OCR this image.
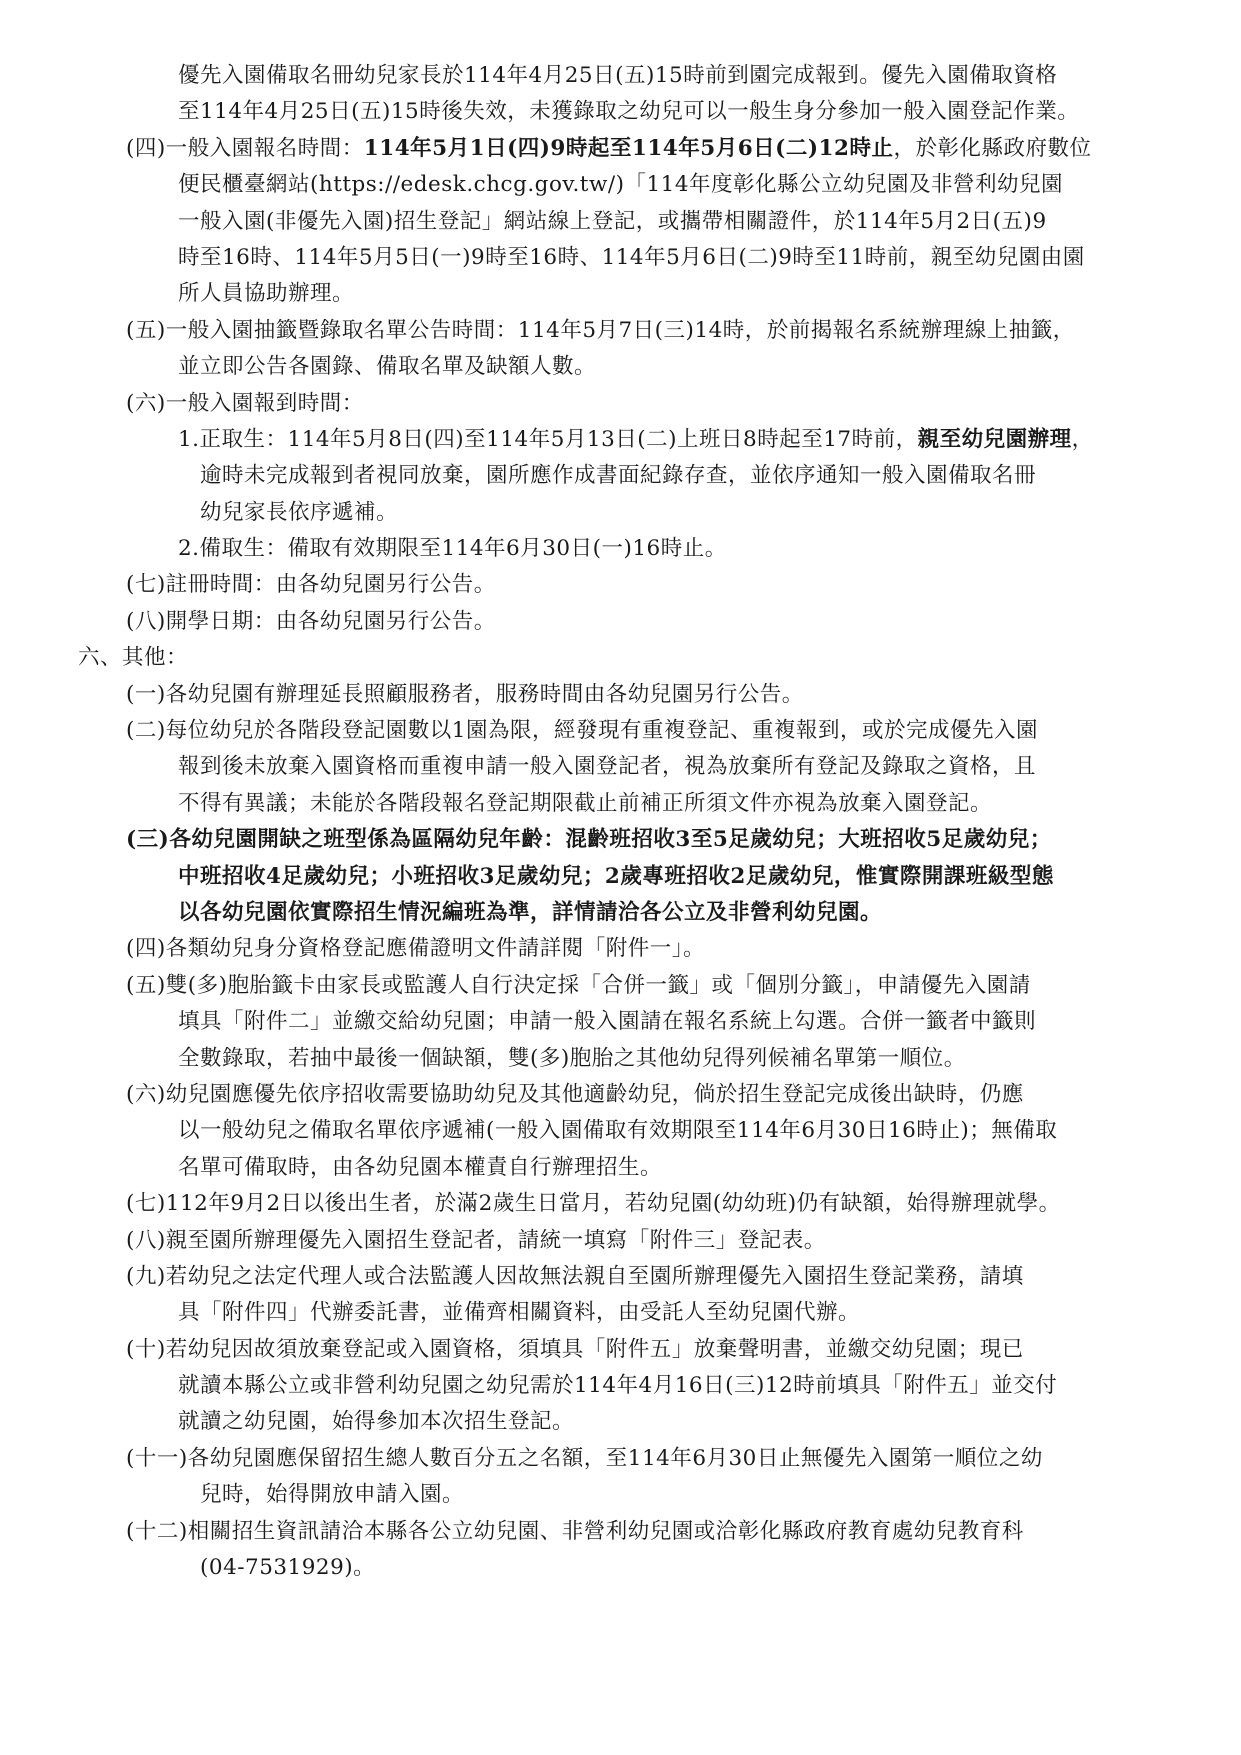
優先入園備取名冊幼兒家長於114年4月25日(五)15時前到園完成報到。優先入園備取資格
至114年4月25日(五)15時後失效，未獲錄取之幼兒可以一般生身分參加一般入園登記作業。
(四)一般入園報名時間：114年5月1日(四)9時起至114年5月6日(二)12時止，於彰化縣政府數位
便民櫃臺網站(https://edesk.chcg.gov.tw/)「114年度彰化縣公立幼兒園及非營利幼兒園
一般入園(非優先入園)招生登記」網站線上登記，或攜帶相關證件，於114年5月2日(五)9
時至16時、114年5月5日(一)9時至16時、114年5月6日(二)9時至11時前，親至幼兒園由園
所人員協助辦理。
(五)一般入園抽籤暨錄取名單公告時間：114年5月7日(三)14時，於前揭報名系統辦理線上抽籤，
並立即公告各園錄、備取名單及缺額人數。
(六)一般入園報到時間：
1.正取生：114年5月8日(四)至114年5月13日(二)上班日8時起至17時前，親至幼兒園辦理，
逾時未完成報到者視同放棄，園所應作成書面紀錄存查，並依序通知一般入園備取名冊
幼兒家長依序遞補。
2.備取生：備取有效期限至114年6月30日(一)16時止。
(七)註冊時間：由各幼兒園另行公告。
(八)開學日期：由各幼兒園另行公告。
六、其他：
(一)各幼兒園有辦理延長照顧服務者，服務時間由各幼兒園另行公告。
(二)每位幼兒於各階段登記園數以1園為限，經發現有重複登記、重複報到，或於完成優先入園
報到後未放棄入園資格而重複申請一般入園登記者，視為放棄所有登記及錄取之資格，且
不得有異議；未能於各階段報名登記期限截止前補正所須文件亦視為放棄入園登記。
(三)各幼兒園開缺之班型係為區隔幼兒年齡：混齡班招收3至5足歲幼兒；大班招收5足歲幼兒；
中班招收4足歲幼兒；小班招收3足歲幼兒；2歲專班招收2足歲幼兒，惟實際開課班級型態
以各幼兒園依實際招生情況編班為準，詳情請洽各公立及非營利幼兒園。
(四)各類幼兒身分資格登記應備證明文件請詳閱「附件一」。
(五)雙(多)胞胎籤卡由家長或監護人自行決定採「合併一籤」或「個別分籤」，申請優先入園請
填具「附件二」並繳交給幼兒園；申請一般入園請在報名系統上勾選。合併一籤者中籤則
全數錄取，若抽中最後一個缺額，雙(多)胞胎之其他幼兒得列候補名單第一順位。
(六)幼兒園應優先依序招收需要協助幼兒及其他適齡幼兒，倘於招生登記完成後出缺時，仍應
以一般幼兒之備取名單依序遞補(一般入園備取有效期限至114年6月30日16時止)；無備取
名單可備取時，由各幼兒園本權責自行辦理招生。
(七)112年9月2日以後出生者，於滿2歲生日當月，若幼兒園(幼幼班)仍有缺額，始得辦理就學。
(八)親至園所辦理優先入園招生登記者，請統一填寫「附件三」登記表。
(九)若幼兒之法定代理人或合法監護人因故無法親自至園所辦理優先入園招生登記業務，請填
具「附件四」代辦委託書，並備齊相關資料，由受託人至幼兒園代辦。
(十)若幼兒因故須放棄登記或入園資格，須填具「附件五」放棄聲明書，並繳交幼兒園；現已
就讀本縣公立或非營利幼兒園之幼兒需於114年4月16日(三)12時前填具「附件五」並交付
就讀之幼兒園，始得參加本次招生登記。
(十一)各幼兒園應保留招生總人數百分五之名額，至114年6月30日止無優先入園第一順位之幼
兒時，始得開放申請入園。
(十二)相關招生資訊請洽本縣各公立幼兒園、非營利幼兒園或洽彰化縣政府教育處幼兒教育科
(04-7531929)。
